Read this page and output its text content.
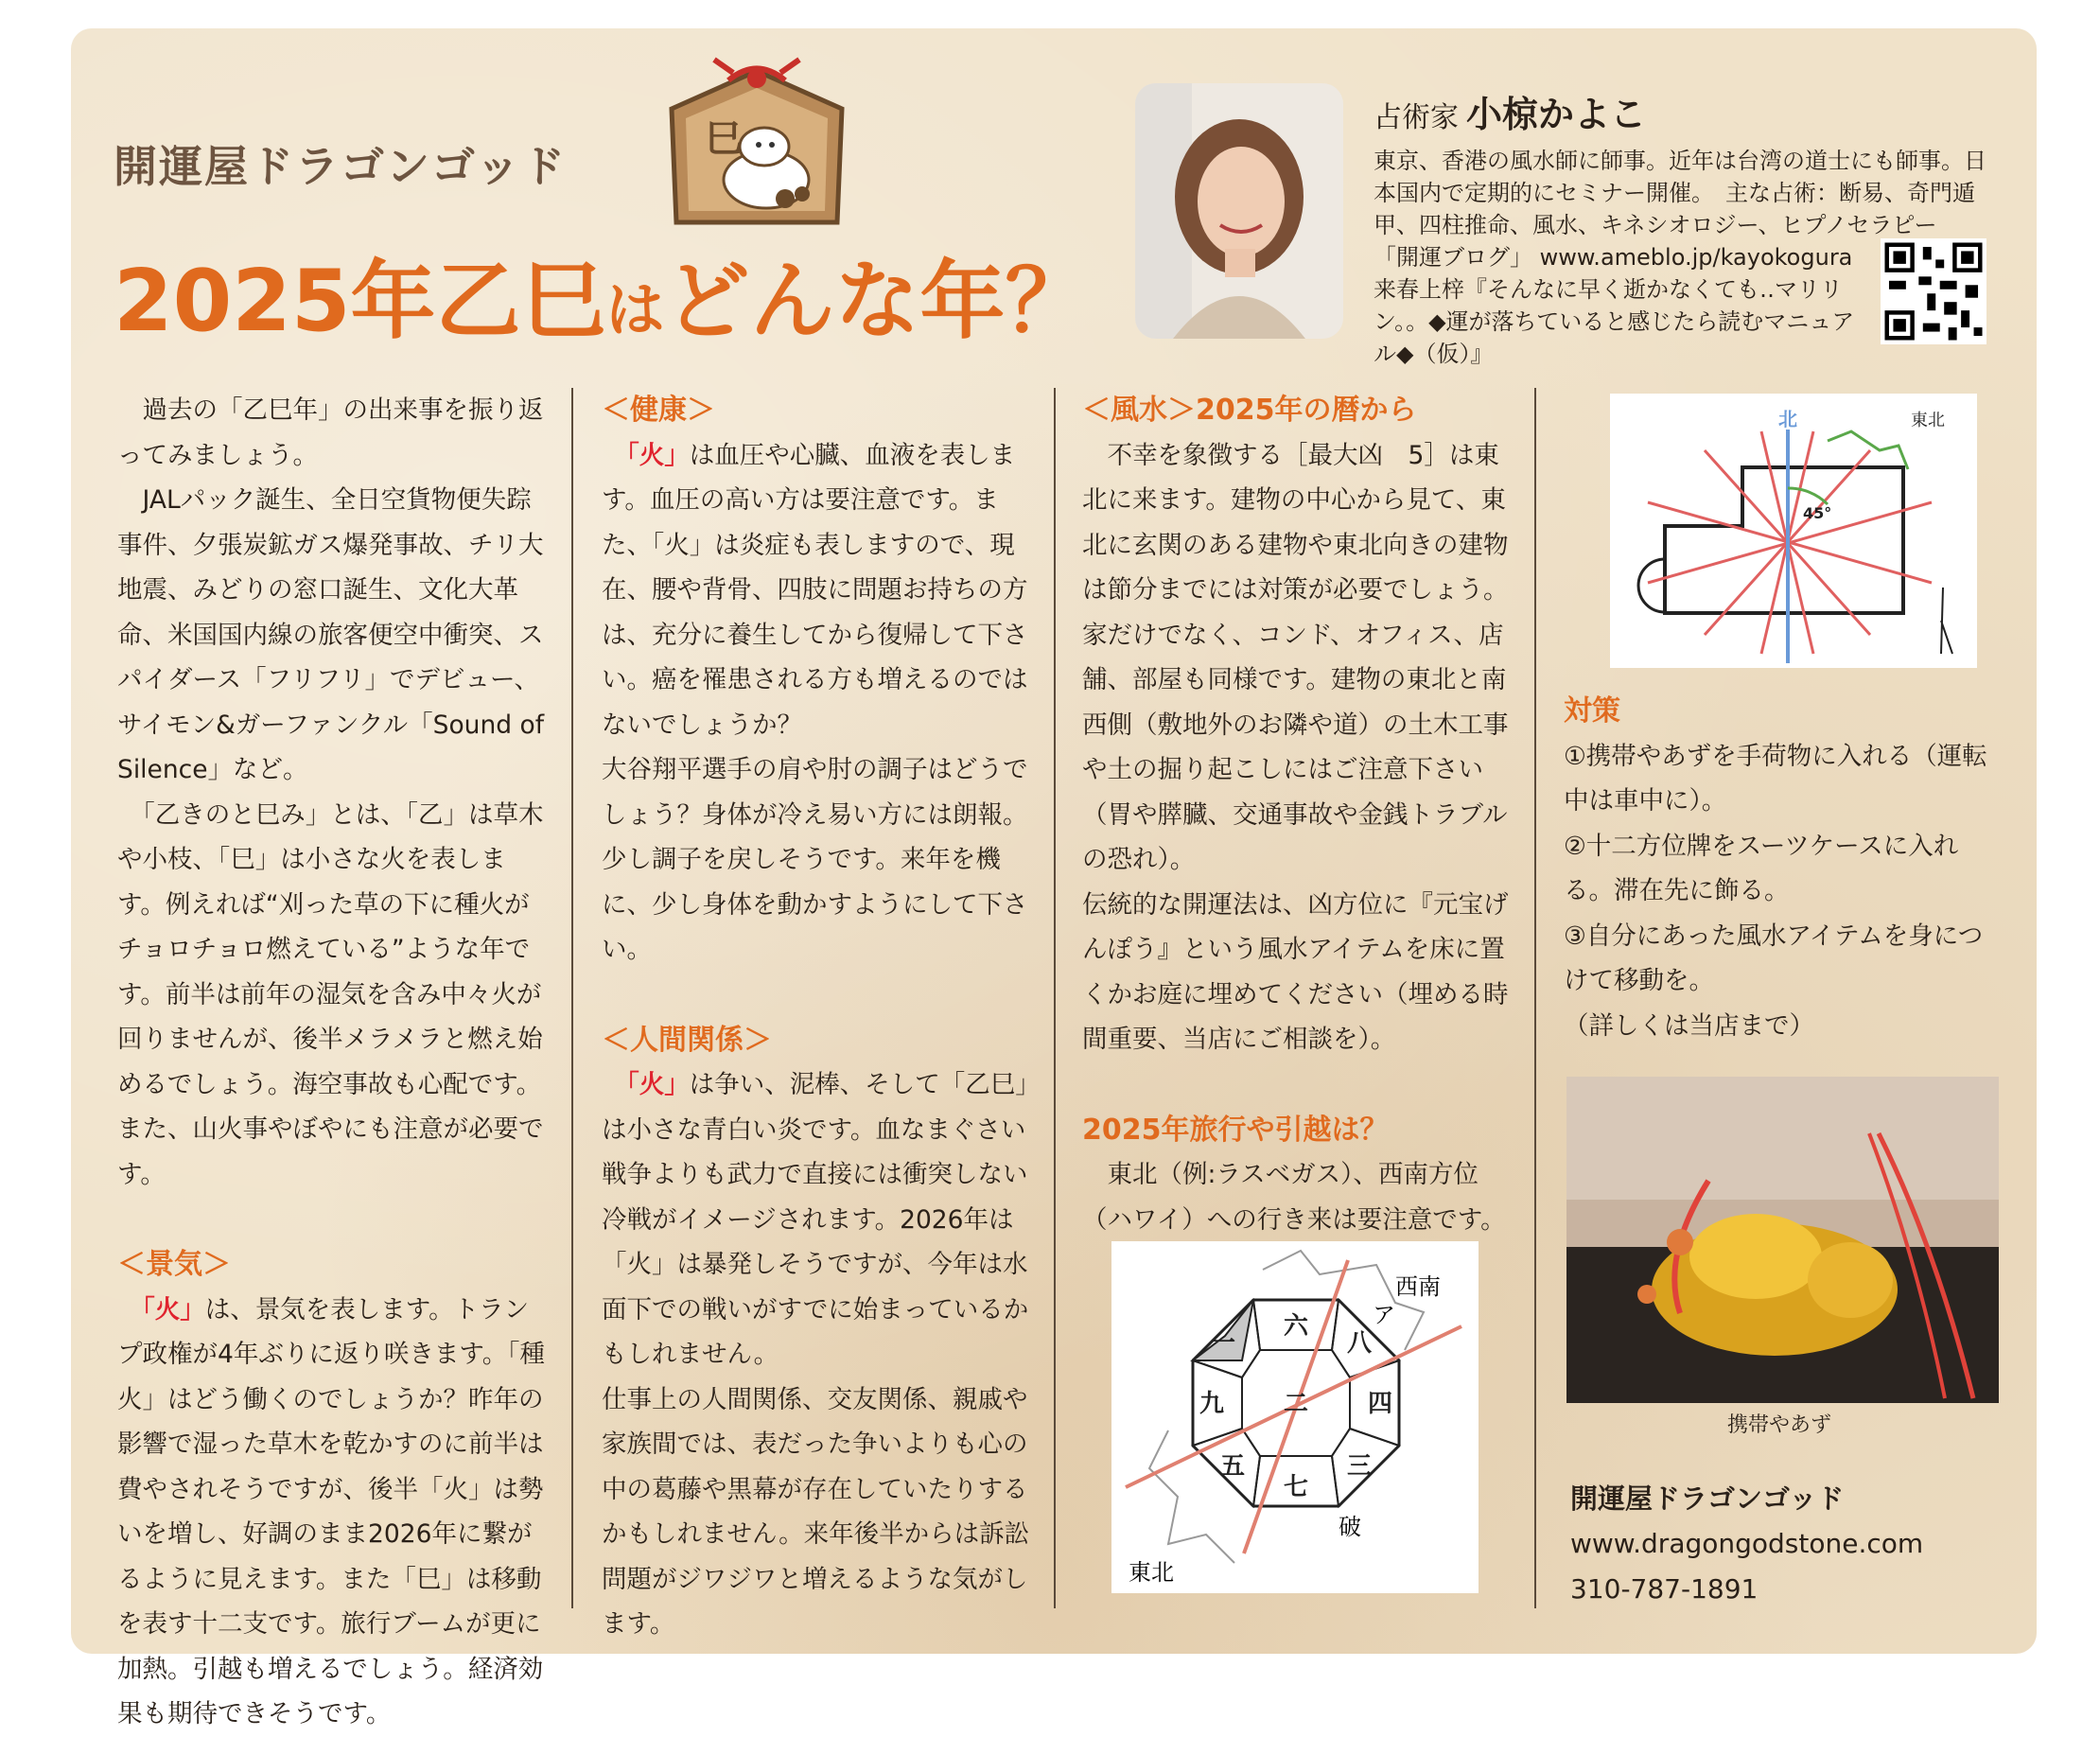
開運屋ドラゴンゴッド
巳
2025年乙巳はどんな年？
占術家 小椋かよこ

東京、香港の風水師に師事。近年は台湾の道士にも師事。日本国内で定期的にセミナー開催。　主な占術：断易、奇門遁甲、四柱推命、風水、キネシオロジー、ヒプノセラピー

「開運ブログ」 www.ameblo.jp/kayokogura

来春上梓『そんなに早く逝かなくても‥マリリン。。◆運が落ちていると感じたら読むマニュアル◆（仮）』

　過去の「乙巳年」の出来事を振り返ってみましょう。

　JALパック誕生、全日空貨物便失踪事件、夕張炭鉱ガス爆発事故、チリ大地震、みどりの窓口誕生、文化大革命、米国国内線の旅客便空中衝突、スパイダース「フリフリ」でデビュー、サイモン&ガーファンクル「Sound of Silence」など。

　「乙きのと巳み」とは、「乙」は草木や小枝、「巳」は小さな火を表します。例えれば“刈った草の下に種火がチョロチョロ燃えている”ような年です。前半は前年の湿気を含み中々火が回りませんが、後半メラメラと燃え始めるでしょう。海空事故も心配です。また、山火事やぼやにも注意が必要です。

＜景気＞

　「火」は、景気を表します。トランプ政権が4年ぶりに返り咲きます。「種火」はどう働くのでしょうか？昨年の影響で湿った草木を乾かすのに前半は費やされそうですが、後半「火」は勢いを増し、好調のまま2026年に繋がるように見えます。また「巳」は移動を表す十二支です。旅行ブームが更に加熱。引越も増えるでしょう。経済効果も期待できそうです。

＜健康＞

　「火」は血圧や心臓、血液を表します。血圧の高い方は要注意です。また、「火」は炎症も表しますので、現在、腰や背骨、四肢に問題お持ちの方は、充分に養生してから復帰して下さい。癌を罹患される方も増えるのではないでしょうか？

大谷翔平選手の肩や肘の調子はどうでしょう？身体が冷え易い方には朗報。少し調子を戻しそうです。来年を機に、少し身体を動かすようにして下さい。

＜人間関係＞

　「火」は争い、泥棒、そして「乙巳」は小さな青白い炎です。血なまぐさい戦争よりも武力で直接には衝突しない冷戦がイメージされます。2026年は「火」は暴発しそうですが、今年は水面下での戦いがすでに始まっているかもしれません。

仕事上の人間関係、交友関係、親戚や家族間では、表だった争いよりも心の中の葛藤や黒幕が存在していたりするかもしれません。来年後半からは訴訟問題がジワジワと増えるような気がします。

＜風水＞2025年の暦から

　不幸を象徴する［最大凶　5］は東北に来ます。建物の中心から見て、東北に玄関のある建物や東北向きの建物は節分までには対策が必要でしょう。家だけでなく、コンド、オフィス、店舗、部屋も同様です。建物の東北と南西側（敷地外のお隣や道）の土木工事や土の掘り起こしにはご注意下さい（胃や膵臓、交通事故や金銭トラブルの恐れ）。

伝統的な開運法は、凶方位に『元宝げんぽう』という風水アイテムを床に置くかお庭に埋めてください（埋める時間重要、当店にご相談を）。

2025年旅行や引越は？

　東北（例:ラスベガス）、西南方位（ハワイ）への行き来は要注意です。

六
八
四
三
七
五
九
一
二
ア
西南
破
東北
45°
北	東北

対策

①携帯やあずを手荷物に入れる（運転中は車中に）。

②十二方位牌をスーツケースに入れる。滞在先に飾る。

③自分にあった風水アイテムを身につけて移動を。

（詳しくは当店まで）

携帯やあず
開運屋ドラゴンゴッド
www.dragongodstone.com
310-787-1891
